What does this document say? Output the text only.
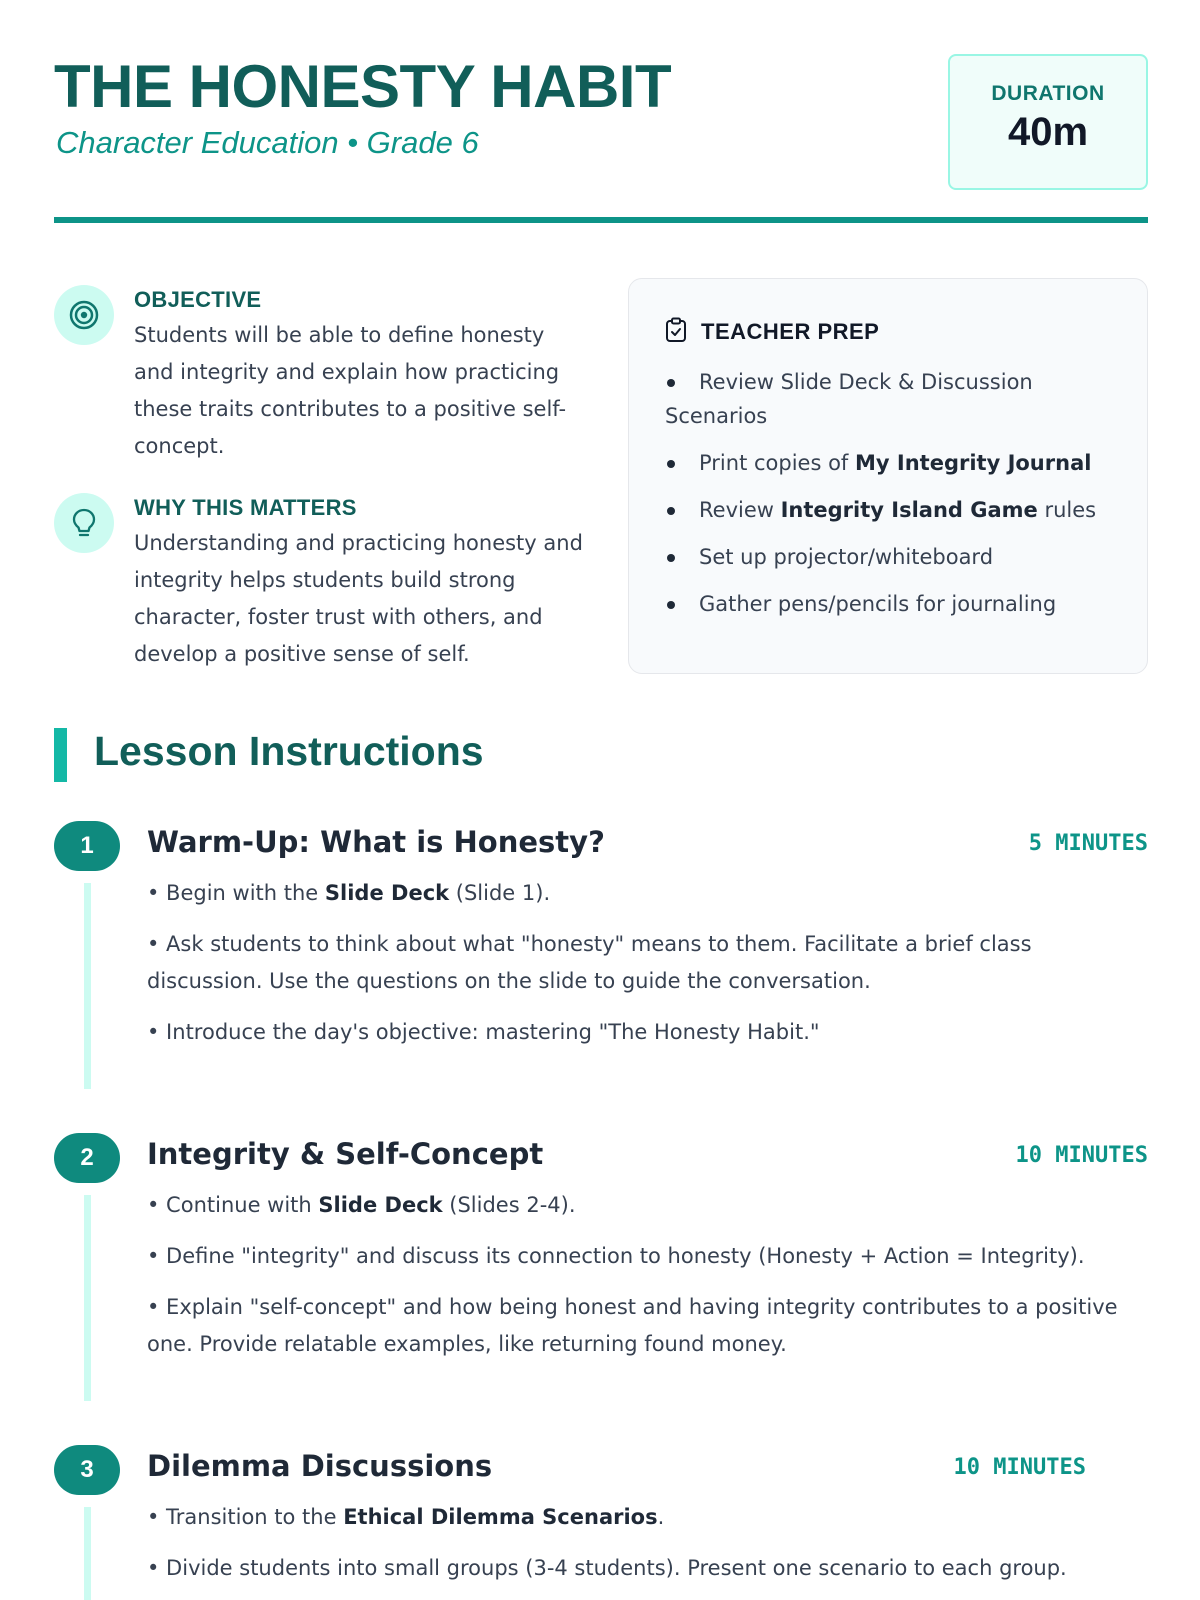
THE HONESTY HABIT
Character Education • Grade 6
DURATION
40m
OBJECTIVE
Students will be able to define honesty and integrity and explain how practicing these traits contributes to a positive self-concept.
WHY THIS MATTERS
Understanding and practicing honesty and integrity helps students build strong character, foster trust with others, and develop a positive sense of self.
TEACHER PREP
Review Slide Deck & Discussion Scenarios
Print copies of My Integrity Journal
Review Integrity Island Game rules
Set up projector/whiteboard
Gather pens/pencils for journaling
Lesson Instructions
1	Warm-Up: What is Honesty?	5 MINUTES

• Begin with the Slide Deck (Slide 1).

• Ask students to think about what "honesty" means to them. Facilitate a brief class discussion. Use the questions on the slide to guide the conversation.

• Introduce the day's objective: mastering "The Honesty Habit."

2	Integrity & Self-Concept	10 MINUTES

• Continue with Slide Deck (Slides 2-4).

• Define "integrity" and discuss its connection to honesty (Honesty + Action = Integrity).

• Explain "self-concept" and how being honest and having integrity contributes to a positive one. Provide relatable examples, like returning found money.

3	Dilemma Discussions	10 MINUTES

• Transition to the Ethical Dilemma Scenarios.

• Divide students into small groups (3-4 students). Present one scenario to each group.
